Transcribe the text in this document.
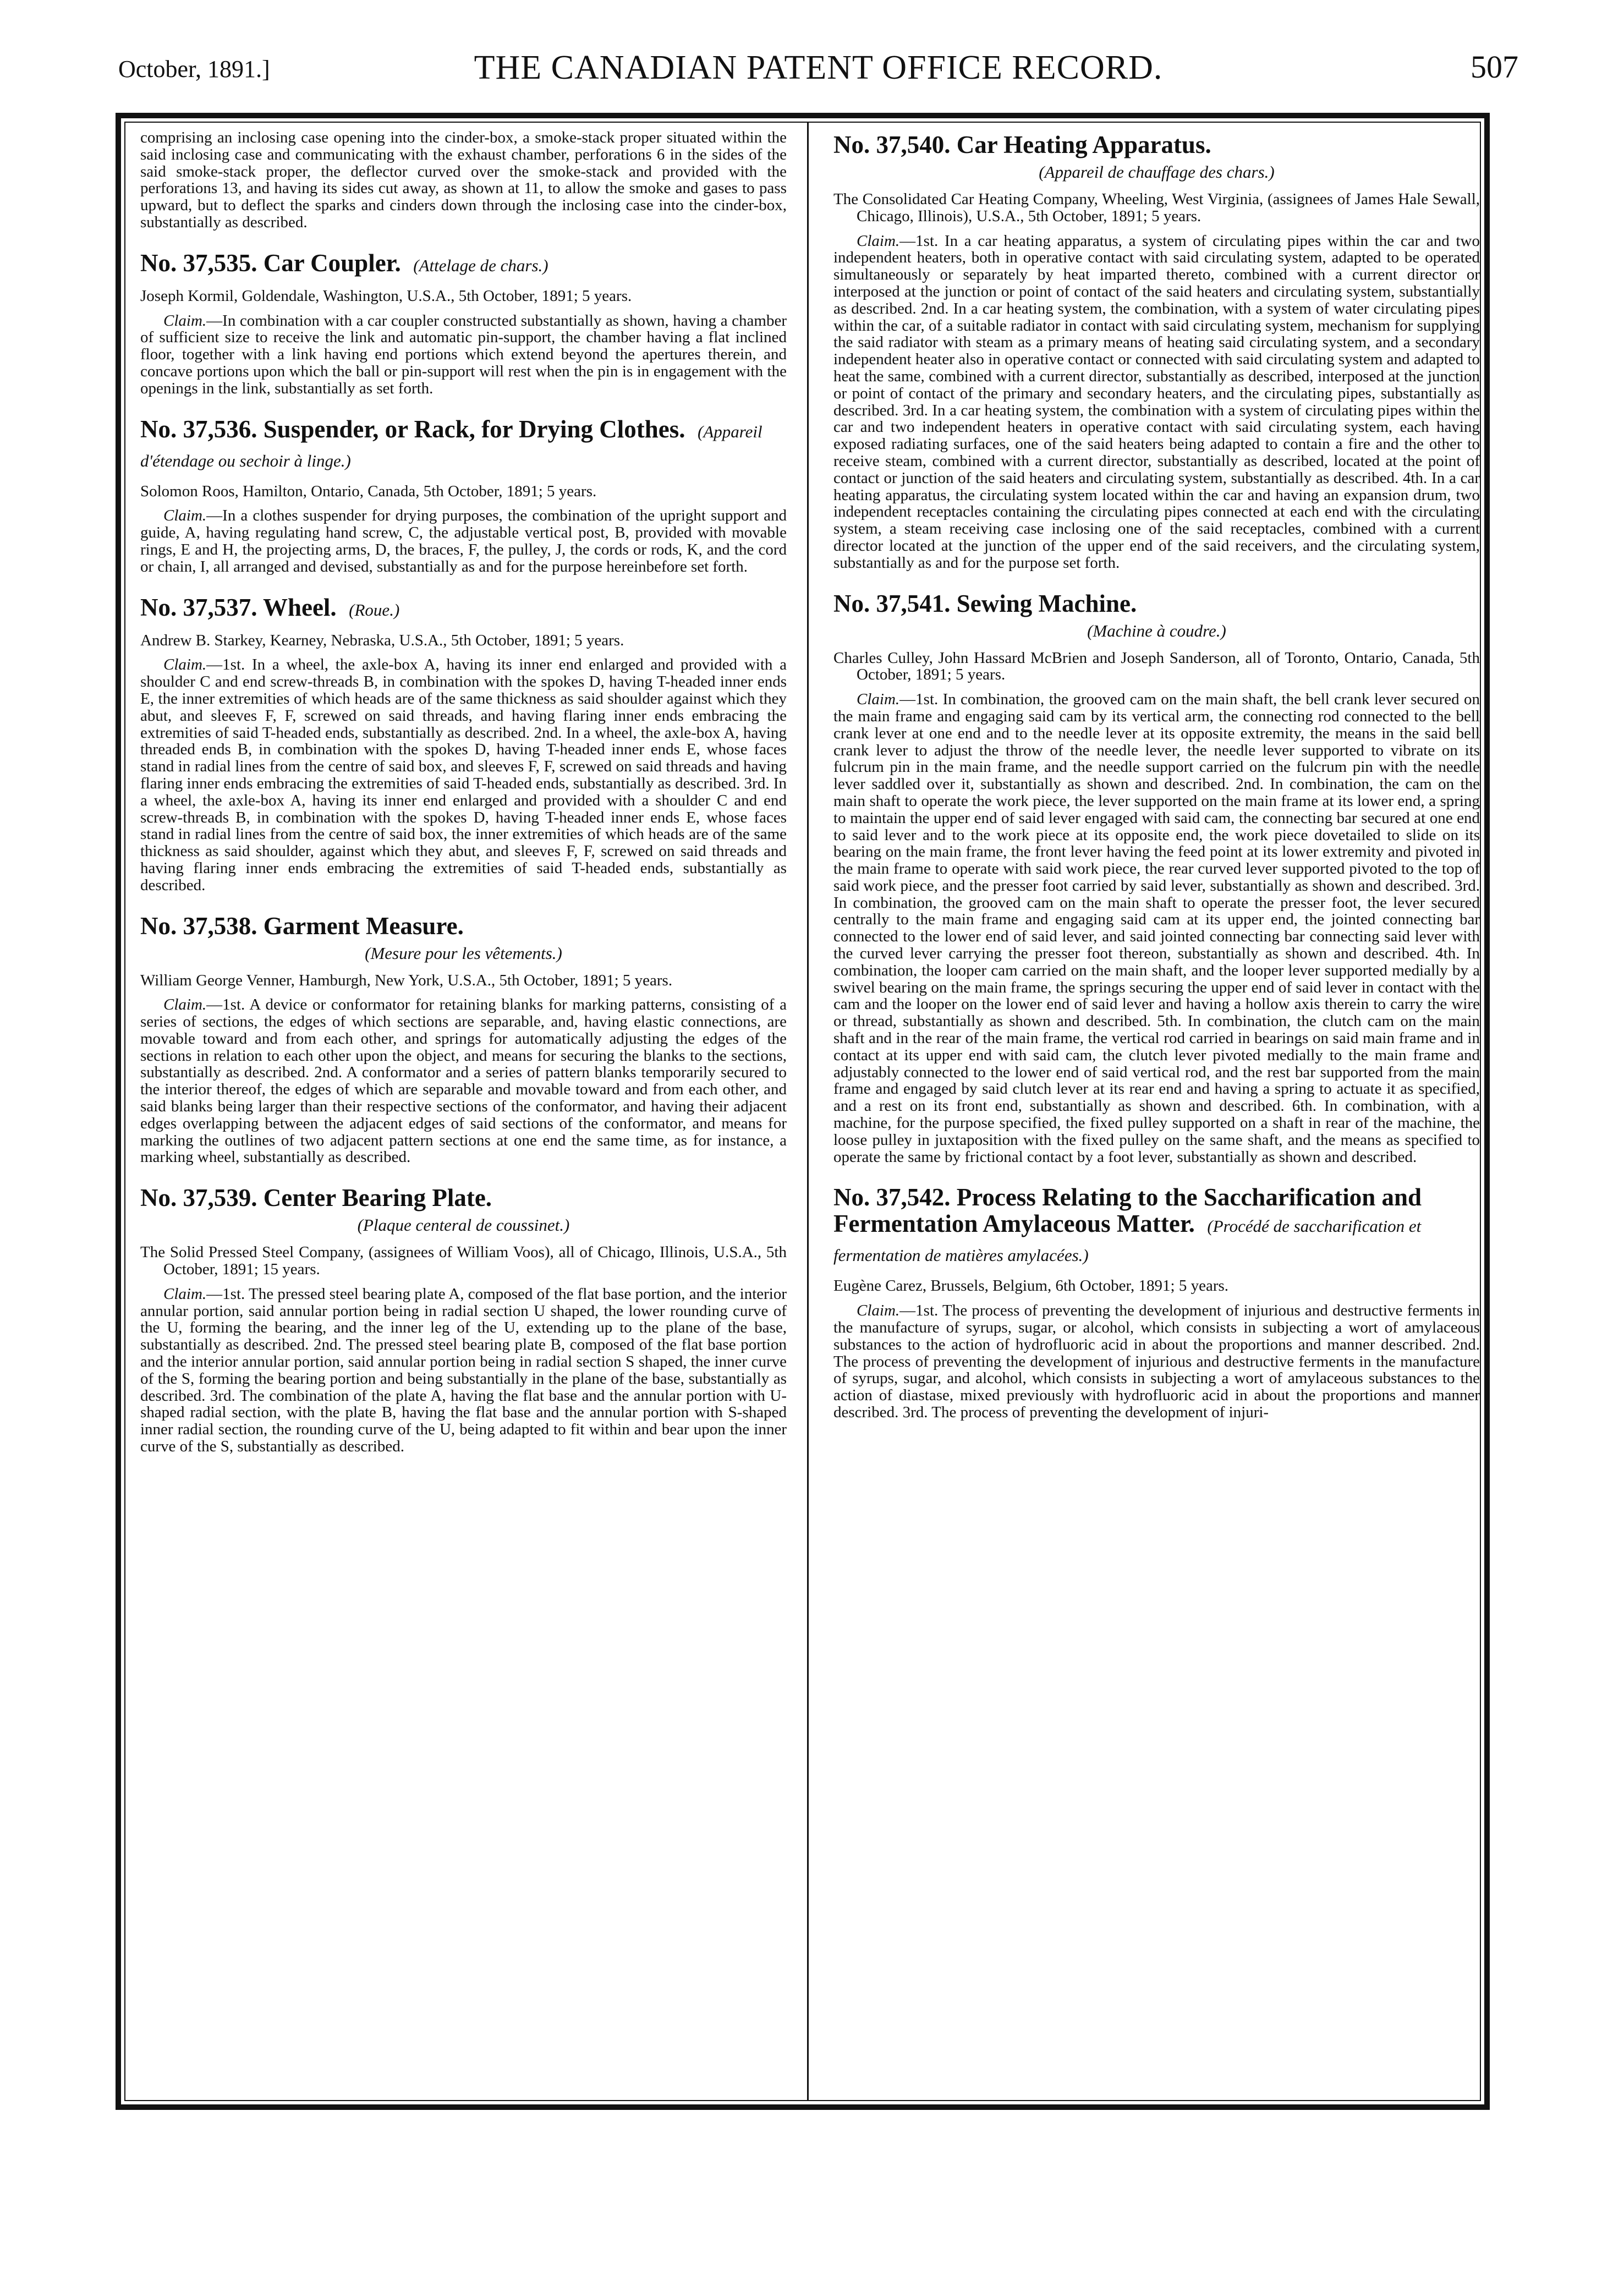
October, 1891.]	THE CANADIAN PATENT OFFICE RECORD.	507

comprising an inclosing case opening into the cinder-box, a smoke-stack proper situated within the said inclosing case and communicating with the exhaust chamber, perforations 6 in the sides of the said smoke-stack proper, the deflector curved over the smoke-stack and provided with the perforations 13, and having its sides cut away, as shown at 11, to allow the smoke and gases to pass upward, but to deflect the sparks and cinders down through the inclosing case into the cinder-box, substantially as described.

No. 37,535. Car Coupler. (Attelage de chars.)

Joseph Kormil, Goldendale, Washington, U.S.A., 5th October, 1891; 5 years.

Claim.—In combination with a car coupler constructed substantially as shown, having a chamber of sufficient size to receive the link and automatic pin-support, the chamber having a flat inclined floor, together with a link having end portions which extend beyond the apertures therein, and concave portions upon which the ball or pin-support will rest when the pin is in engagement with the openings in the link, substantially as set forth.

No. 37,536. Suspender, or Rack, for Drying Clothes. (Appareil d'étendage ou sechoir à linge.)

Solomon Roos, Hamilton, Ontario, Canada, 5th October, 1891; 5 years.

Claim.—In a clothes suspender for drying purposes, the combination of the upright support and guide, A, having regulating hand screw, C, the adjustable vertical post, B, provided with movable rings, E and H, the projecting arms, D, the braces, F, the pulley, J, the cords or rods, K, and the cord or chain, I, all arranged and devised, substantially as and for the purpose hereinbefore set forth.

No. 37,537. Wheel. (Roue.)

Andrew B. Starkey, Kearney, Nebraska, U.S.A., 5th October, 1891; 5 years.

Claim.—1st. In a wheel, the axle-box A, having its inner end enlarged and provided with a shoulder C and end screw-threads B, in combination with the spokes D, having T-headed inner ends E, the inner extremities of which heads are of the same thickness as said shoulder against which they abut, and sleeves F, F, screwed on said threads, and having flaring inner ends embracing the extremities of said T-headed ends, substantially as described. 2nd. In a wheel, the axle-box A, having threaded ends B, in combination with the spokes D, having T-headed inner ends E, whose faces stand in radial lines from the centre of said box, and sleeves F, F, screwed on said threads and having flaring inner ends embracing the extremities of said T-headed ends, substantially as described. 3rd. In a wheel, the axle-box A, having its inner end enlarged and provided with a shoulder C and end screw-threads B, in combination with the spokes D, having T-headed inner ends E, whose faces stand in radial lines from the centre of said box, the inner extremities of which heads are of the same thickness as said shoulder, against which they abut, and sleeves F, F, screwed on said threads and having flaring inner ends embracing the extremities of said T-headed ends, substantially as described.

No. 37,538. Garment Measure.

(Mesure pour les vêtements.)

William George Venner, Hamburgh, New York, U.S.A., 5th October, 1891; 5 years.

Claim.—1st. A device or conformator for retaining blanks for marking patterns, consisting of a series of sections, the edges of which sections are separable, and, having elastic connections, are movable toward and from each other, and springs for automatically adjusting the edges of the sections in relation to each other upon the object, and means for securing the blanks to the sections, substantially as described. 2nd. A conformator and a series of pattern blanks temporarily secured to the interior thereof, the edges of which are separable and movable toward and from each other, and said blanks being larger than their respective sections of the conformator, and having their adjacent edges overlapping between the adjacent edges of said sections of the conformator, and means for marking the outlines of two adjacent pattern sections at one end the same time, as for instance, a marking wheel, substantially as described.

No. 37,539. Center Bearing Plate.

(Plaque centeral de coussinet.)

The Solid Pressed Steel Company, (assignees of William Voos), all of Chicago, Illinois, U.S.A., 5th October, 1891; 15 years.

Claim.—1st. The pressed steel bearing plate A, composed of the flat base portion, and the interior annular portion, said annular portion being in radial section U shaped, the lower rounding curve of the U, forming the bearing, and the inner leg of the U, extending up to the plane of the base, substantially as described. 2nd. The pressed steel bearing plate B, composed of the flat base portion and the interior annular portion, said annular portion being in radial section S shaped, the inner curve of the S, forming the bearing portion and being substantially in the plane of the base, substantially as described. 3rd. The combination of the plate A, having the flat base and the annular portion with U-shaped radial section, with the plate B, having the flat base and the annular portion with S-shaped inner radial section, the rounding curve of the U, being adapted to fit within and bear upon the inner curve of the S, substantially as described.

No. 37,540. Car Heating Apparatus.

(Appareil de chauffage des chars.)

The Consolidated Car Heating Company, Wheeling, West Virginia, (assignees of James Hale Sewall, Chicago, Illinois), U.S.A., 5th October, 1891; 5 years.

Claim.—1st. In a car heating apparatus, a system of circulating pipes within the car and two independent heaters, both in operative contact with said circulating system, adapted to be operated simultaneously or separately by heat imparted thereto, combined with a current director or interposed at the junction or point of contact of the said heaters and circulating system, substantially as described. 2nd. In a car heating system, the combination, with a system of water circulating pipes within the car, of a suitable radiator in contact with said circulating system, mechanism for supplying the said radiator with steam as a primary means of heating said circulating system, and a secondary independent heater also in operative contact or connected with said circulating system and adapted to heat the same, combined with a current director, substantially as described, interposed at the junction or point of contact of the primary and secondary heaters, and the circulating pipes, substantially as described. 3rd. In a car heating system, the combination with a system of circulating pipes within the car and two independent heaters in operative contact with said circulating system, each having exposed radiating surfaces, one of the said heaters being adapted to contain a fire and the other to receive steam, combined with a current director, substantially as described, located at the point of contact or junction of the said heaters and circulating system, substantially as described. 4th. In a car heating apparatus, the circulating system located within the car and having an expansion drum, two independent receptacles containing the circulating pipes connected at each end with the circulating system, a steam receiving case inclosing one of the said receptacles, combined with a current director located at the junction of the upper end of the said receivers, and the circulating system, substantially as and for the purpose set forth.

No. 37,541. Sewing Machine.

(Machine à coudre.)

Charles Culley, John Hassard McBrien and Joseph Sanderson, all of Toronto, Ontario, Canada, 5th October, 1891; 5 years.

Claim.—1st. In combination, the grooved cam on the main shaft, the bell crank lever secured on the main frame and engaging said cam by its vertical arm, the connecting rod connected to the bell crank lever at one end and to the needle lever at its opposite extremity, the means in the said bell crank lever to adjust the throw of the needle lever, the needle lever supported to vibrate on its fulcrum pin in the main frame, and the needle support carried on the fulcrum pin with the needle lever saddled over it, substantially as shown and described. 2nd. In combination, the cam on the main shaft to operate the work piece, the lever supported on the main frame at its lower end, a spring to maintain the upper end of said lever engaged with said cam, the connecting bar secured at one end to said lever and to the work piece at its opposite end, the work piece dovetailed to slide on its bearing on the main frame, the front lever having the feed point at its lower extremity and pivoted in the main frame to operate with said work piece, the rear curved lever supported pivoted to the top of said work piece, and the presser foot carried by said lever, substantially as shown and described. 3rd. In combination, the grooved cam on the main shaft to operate the presser foot, the lever secured centrally to the main frame and engaging said cam at its upper end, the jointed connecting bar connected to the lower end of said lever, and said jointed connecting bar connecting said lever with the curved lever carrying the presser foot thereon, substantially as shown and described. 4th. In combination, the looper cam carried on the main shaft, and the looper lever supported medially by a swivel bearing on the main frame, the springs securing the upper end of said lever in contact with the cam and the looper on the lower end of said lever and having a hollow axis therein to carry the wire or thread, substantially as shown and described. 5th. In combination, the clutch cam on the main shaft and in the rear of the main frame, the vertical rod carried in bearings on said main frame and in contact at its upper end with said cam, the clutch lever pivoted medially to the main frame and adjustably connected to the lower end of said vertical rod, and the rest bar supported from the main frame and engaged by said clutch lever at its rear end and having a spring to actuate it as specified, and a rest on its front end, substantially as shown and described. 6th. In combination, with a machine, for the purpose specified, the fixed pulley supported on a shaft in rear of the machine, the loose pulley in juxtaposition with the fixed pulley on the same shaft, and the means as specified to operate the same by frictional contact by a foot lever, substantially as shown and described.

No. 37,542. Process Relating to the Saccharification and Fermentation Amylaceous Matter. (Procédé de saccharification et fermentation de matières amylacées.)

Eugène Carez, Brussels, Belgium, 6th October, 1891; 5 years.

Claim.—1st. The process of preventing the development of injurious and destructive ferments in the manufacture of syrups, sugar, or alcohol, which consists in subjecting a wort of amylaceous substances to the action of hydrofluoric acid in about the proportions and manner described. 2nd. The process of preventing the development of injurious and destructive ferments in the manufacture of syrups, sugar, and alcohol, which consists in subjecting a wort of amylaceous substances to the action of diastase, mixed previously with hydrofluoric acid in about the proportions and manner described. 3rd. The process of preventing the development of injuri-
